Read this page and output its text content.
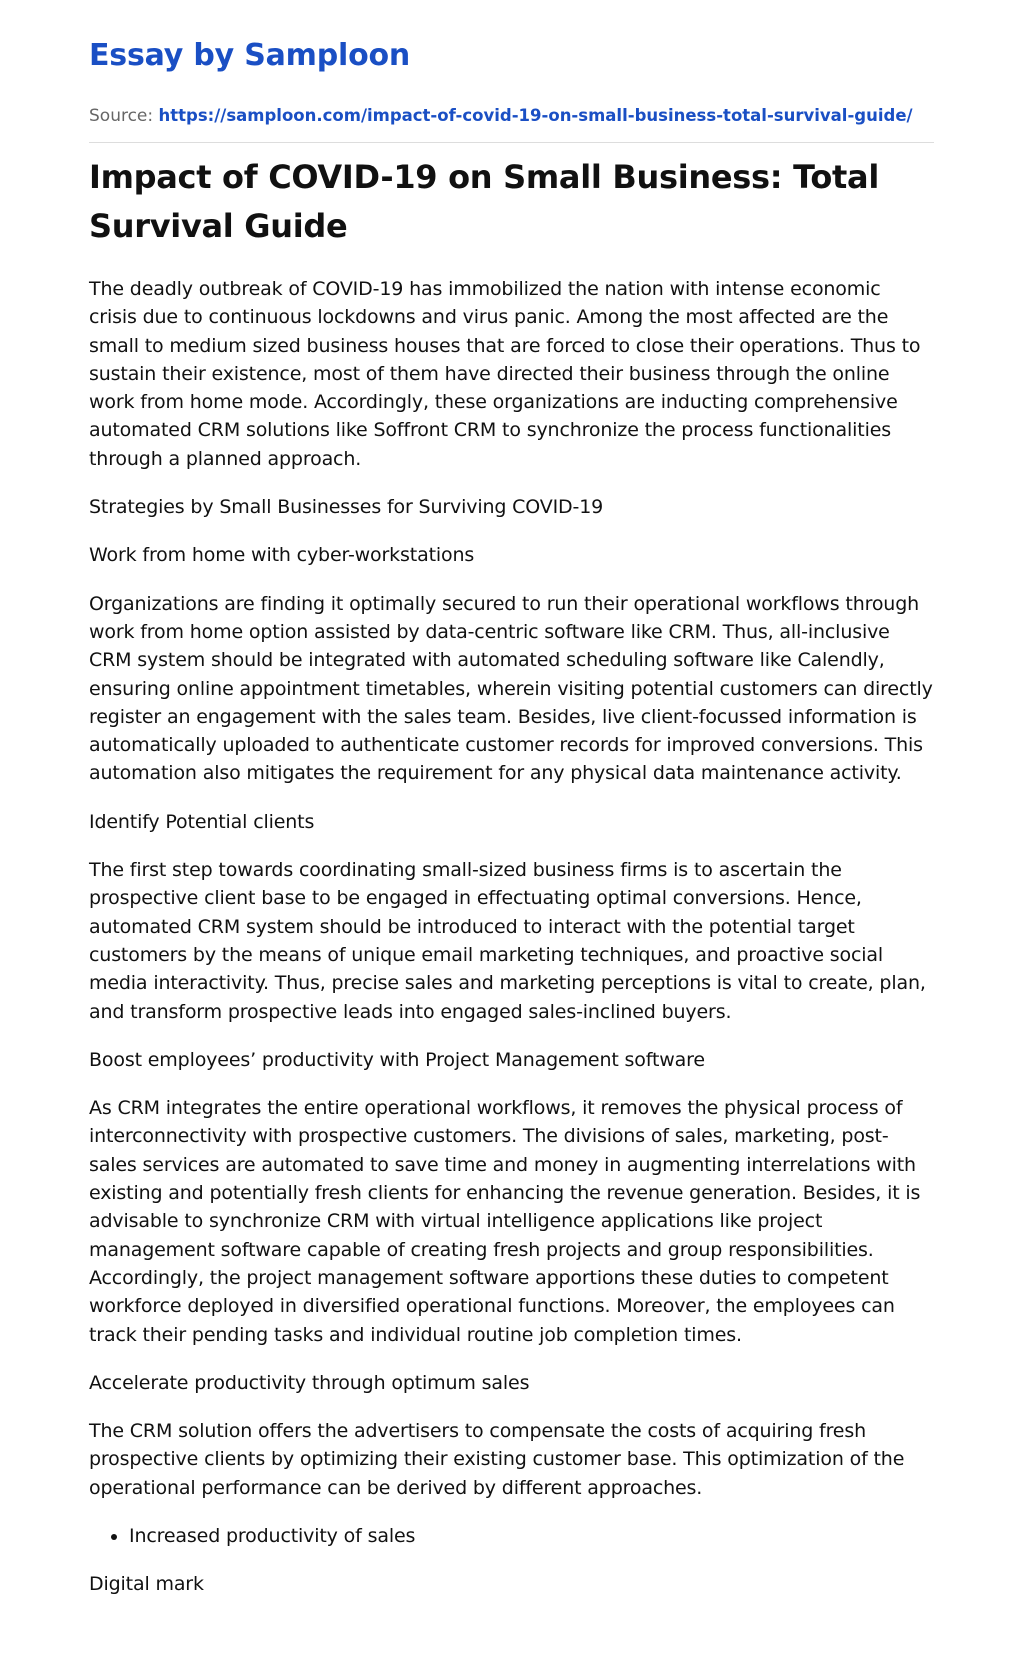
Essay by Samploon
Source: https://samploon.com/impact-of-covid-19-on-small-business-total-survival-guide/
Impact of COVID-19 on Small Business: Total Survival Guide

The deadly outbreak of COVID-19 has immobilized the nation with intense economic crisis due to continuous lockdowns and virus panic. Among the most affected are the small to medium sized business houses that are forced to close their operations. Thus to sustain their existence, most of them have directed their business through the online work from home mode. Accordingly, these organizations are inducting comprehensive automated CRM solutions like Soffront CRM to synchronize the process functionalities through a planned approach.

Strategies by Small Businesses for Surviving COVID-19

Work from home with cyber-workstations

Organizations are finding it optimally secured to run their operational workflows through work from home option assisted by data-centric software like CRM. Thus, all-inclusive CRM system should be integrated with automated scheduling software like Calendly, ensuring online appointment timetables, wherein visiting potential customers can directly register an engagement with the sales team. Besides, live client-focussed information is automatically uploaded to authenticate customer records for improved conversions. This automation also mitigates the requirement for any physical data maintenance activity.

Identify Potential clients

The first step towards coordinating small-sized business firms is to ascertain the prospective client base to be engaged in effectuating optimal conversions. Hence, automated CRM system should be introduced to interact with the potential target customers by the means of unique email marketing techniques, and proactive social media interactivity. Thus, precise sales and marketing perceptions is vital to create, plan, and transform prospective leads into engaged sales-inclined buyers.

Boost employees’ productivity with Project Management software

As CRM integrates the entire operational workflows, it removes the physical process of interconnectivity with prospective customers. The divisions of sales, marketing, post-sales services are automated to save time and money in augmenting interrelations with existing and potentially fresh clients for enhancing the revenue generation. Besides, it is advisable to synchronize CRM with virtual intelligence applications like project management software capable of creating fresh projects and group responsibilities. Accordingly, the project management software apportions these duties to competent workforce deployed in diversified operational functions. Moreover, the employees can track their pending tasks and individual routine job completion times.

Accelerate productivity through optimum sales

The CRM solution offers the advertisers to compensate the costs of acquiring fresh prospective clients by optimizing their existing customer base. This optimization of the operational performance can be derived by different approaches.

• Increased productivity of sales

Digital mark
